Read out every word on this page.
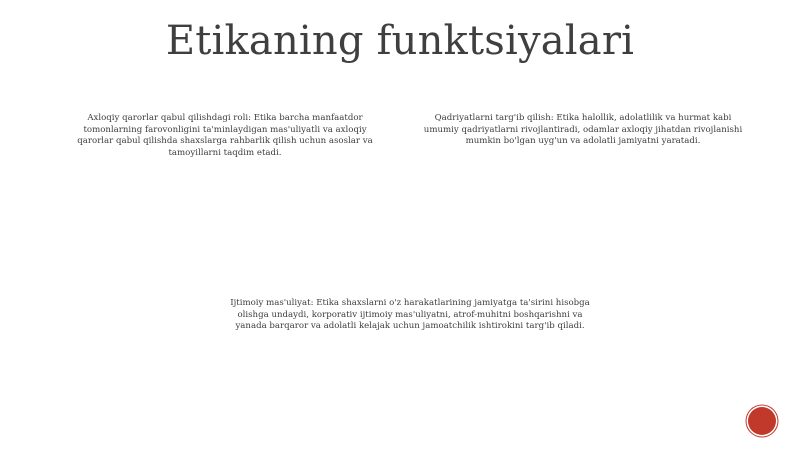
Etikaning funktsiyalari

Axloqiy qarorlar qabul qilishdagi roli: Etika barcha manfaatdor tomonlarning farovonligini ta'minlaydigan mas'uliyatli va axloqiy qarorlar qabul qilishda shaxslarga rahbarlik qilish uchun asoslar va tamoyillarni taqdim etadi.

Qadriyatlarni targ'ib qilish: Etika halollik, adolatlilik va hurmat kabi umumiy qadriyatlarni rivojlantiradi, odamlar axloqiy jihatdan rivojlanishi mumkin bo'lgan uyg'un va adolatli jamiyatni yaratadi.

Ijtimoiy mas'uliyat: Etika shaxslarni o'z harakatlarining jamiyatga ta'sirini hisobga olishga undaydi, korporativ ijtimoiy mas'uliyatni, atrof-muhitni boshqarishni va yanada barqaror va adolatli kelajak uchun jamoatchilik ishtirokini targ'ib qiladi.
